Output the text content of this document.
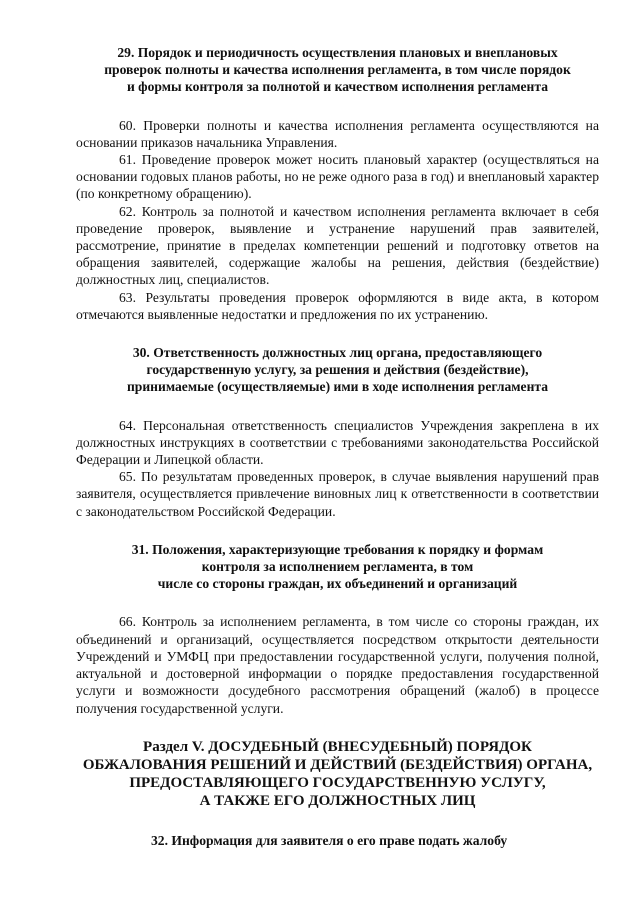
29. Порядок и периодичность осуществления плановых и внеплановых
проверок полноты и качества исполнения регламента, в том числе порядок
и формы контроля за полнотой и качеством исполнения регламента

60. Проверки полноты и качества исполнения регламента осуществляются на основании приказов начальника Управления.

61. Проведение проверок может носить плановый характер (осуществляться на основании годовых планов работы, но не реже одного раза в год) и внеплановый характер (по конкретному обращению).

62. Контроль за полнотой и качеством исполнения регламента включает в себя проведение проверок, выявление и устранение нарушений прав заявителей, рассмотрение, принятие в пределах компетенции решений и подготовку ответов на обращения заявителей, содержащие жалобы на решения, действия (бездействие) должностных лиц, специалистов.

63. Результаты проведения проверок оформляются в виде акта, в котором отмечаются выявленные недостатки и предложения по их устранению.

30. Ответственность должностных лиц органа, предоставляющего
государственную услугу, за решения и действия (бездействие),
принимаемые (осуществляемые) ими в ходе исполнения регламента

64. Персональная ответственность специалистов Учреждения закреплена в их должностных инструкциях в соответствии с требованиями законодательства Российской Федерации и Липецкой области.

65. По результатам проведенных проверок, в случае выявления нарушений прав заявителя, осуществляется привлечение виновных лиц к ответственности в соответствии с законодательством Российской Федерации.

31. Положения, характеризующие требования к порядку и формам
контроля за исполнением регламента, в том
числе со стороны граждан, их объединений и организаций

66. Контроль за исполнением регламента, в том числе со стороны граждан, их объединений и организаций, осуществляется посредством открытости деятельности Учреждений и УМФЦ при предоставлении государственной услуги, получения полной, актуальной и достоверной информации о порядке предоставления государственной услуги и возможности досудебного рассмотрения обращений (жалоб) в процессе получения государственной услуги.

Раздел V. ДОСУДЕБНЫЙ (ВНЕСУДЕБНЫЙ) ПОРЯДОК
ОБЖАЛОВАНИЯ РЕШЕНИЙ И ДЕЙСТВИЙ (БЕЗДЕЙСТВИЯ) ОРГАНА,
ПРЕДОСТАВЛЯЮЩЕГО ГОСУДАРСТВЕННУЮ УСЛУГУ,
А ТАКЖЕ ЕГО ДОЛЖНОСТНЫХ ЛИЦ

32. Информация для заявителя о его праве подать жалобу
